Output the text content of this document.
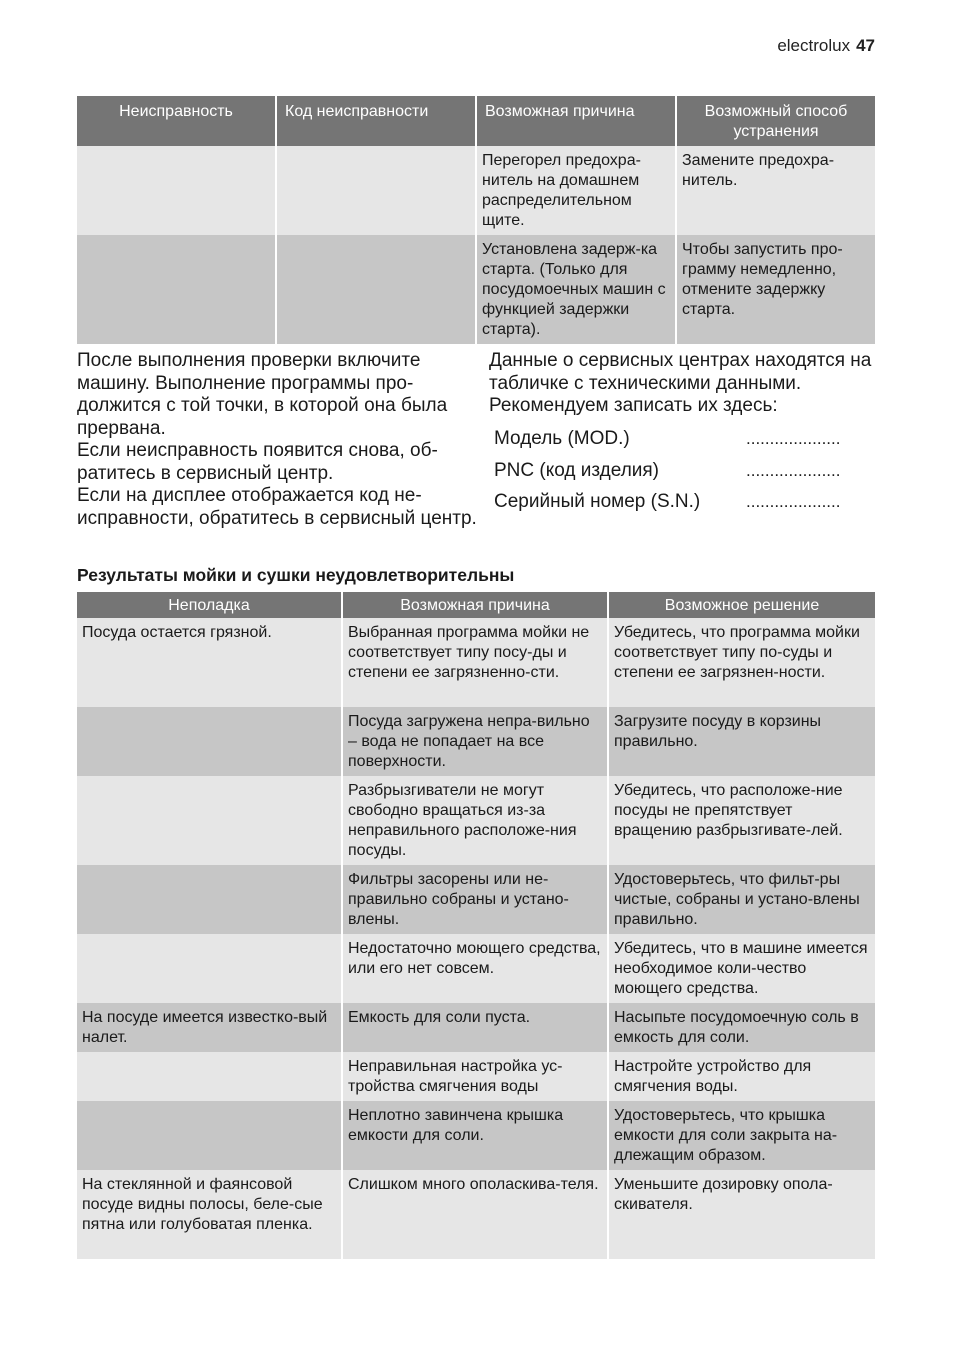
electrolux 47
Неисправность	Код неисправности	Возможная причина	Возможный способ устранения
		Перегорел предохра-нитель на домашнем распределительном щите.	Замените предохра-нитель.
		Установлена задерж-ка старта. (Только для посудомоечных машин с функцией задержки старта).	Чтобы запустить про-грамму немедленно, отмените задержку старта.

После выполнения проверки включите машину. Выполнение программы про-должится с той точки, в которой она была прервана.

Если неисправность появится снова, об-ратитесь в сервисный центр.

Если на дисплее отображается код не-исправности, обратитесь в сервисный центр.

Данные о сервисных центрах находятся на табличке с техническими данными. Рекомендуем записать их здесь:

Модель (MOD.)	....................
PNC (код изделия)	....................
Серийный номер (S.N.)	....................
Результаты мойки и сушки неудовлетворительны
Неполадка	Возможная причина	Возможное решение
Посуда остается грязной.	Выбранная программа мойки не соответствует типу посу-ды и степени ее загрязненно-сти.	Убедитесь, что программа мойки соответствует типу по-суды и степени ее загрязнен-ности.
	Посуда загружена непра-вильно – вода не попадает на все поверхности.	Загрузите посуду в корзины правильно.
	Разбрызгиватели не могут свободно вращаться из-за неправильного расположе-ния посуды.	Убедитесь, что расположе-ние посуды не препятствует вращению разбрызгивате-лей.
	Фильтры засорены или не-правильно собраны и устано-влены.	Удостоверьтесь, что фильт-ры чистые, собраны и устано-влены правильно.
	Недостаточно моющего средства, или его нет совсем.	Убедитесь, что в машине имеется необходимое коли-чество моющего средства.
На посуде имеется известко-вый налет.	Емкость для соли пуста.	Насыпьте посудомоечную соль в емкость для соли.
	Неправильная настройка ус-тройства смягчения воды	Настройте устройство для смягчения воды.
	Неплотно завинчена крышка емкости для соли.	Удостоверьтесь, что крышка емкости для соли закрыта на-длежащим образом.
На стеклянной и фаянсовой посуде видны полосы, беле-сые пятна или голубоватая пленка.	Слишком много ополаскива-теля.	Уменьшите дозировку опола-скивателя.
